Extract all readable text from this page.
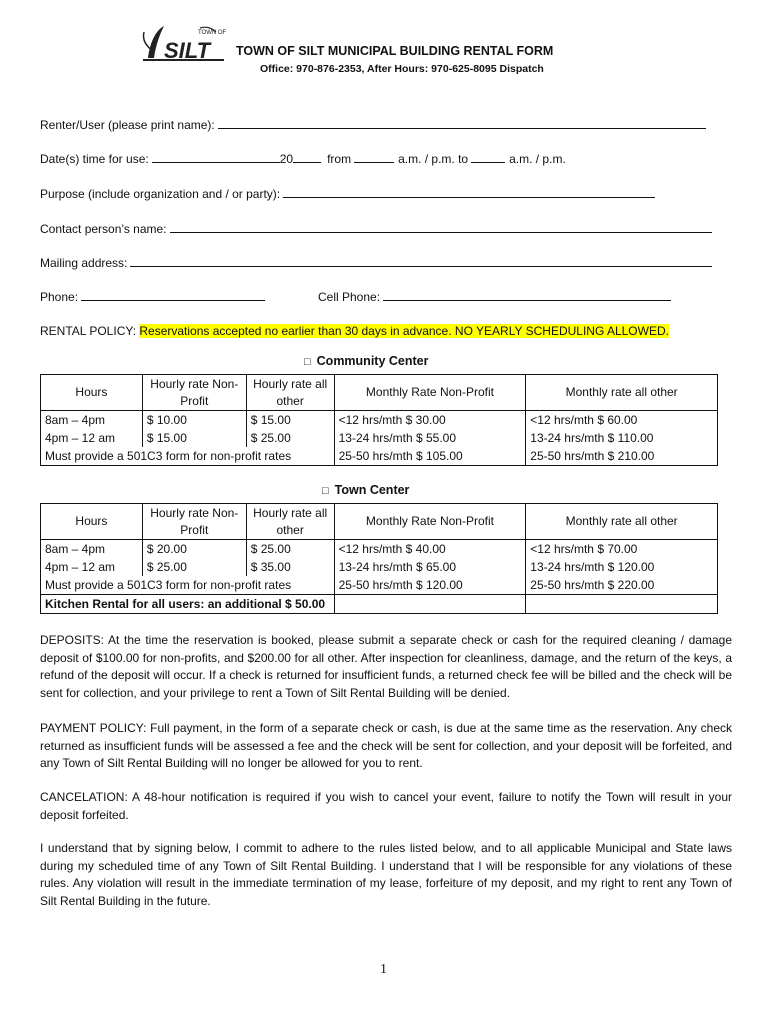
TOWN OF
SILT TOWN OF SILT MUNICIPAL BUILDING RENTAL FORM
Office: 970-876-2353, After Hours: 970-625-8095 Dispatch
Renter/User (please print name):
Date(s) time for use:	20	from	a.m. / p.m. to	a.m. / p.m.
Purpose (include organization and / or party):
Contact person’s name:
Mailing address:
Phone:	Cell Phone:
RENTAL POLICY: Reservations accepted no earlier than 30 days in advance. NO YEARLY SCHEDULING ALLOWED.
□ Community Center
Hours	Hourly rate Non-Profit	Hourly rate all other	Monthly Rate Non-Profit	Monthly rate all other
8am – 4pm	$ 10.00	$ 15.00	<12 hrs/mth $ 30.00	<12 hrs/mth $ 60.00
4pm – 12 am	$ 15.00	$ 25.00	13-24 hrs/mth $ 55.00	13-24 hrs/mth $ 110.00
Must provide a 501C3 form for non-profit rates			25-50 hrs/mth $ 105.00	25-50 hrs/mth $ 210.00
□ Town Center
Hours	Hourly rate Non-Profit	Hourly rate all other	Monthly Rate Non-Profit	Monthly rate all other
8am – 4pm	$ 20.00	$ 25.00	<12 hrs/mth $ 40.00	<12 hrs/mth $ 70.00
4pm – 12 am	$ 25.00	$ 35.00	13-24 hrs/mth $ 65.00	13-24 hrs/mth $ 120.00
Must provide a 501C3 form for non-profit rates			25-50 hrs/mth $ 120.00	25-50 hrs/mth $ 220.00
Kitchen Rental for all users: an additional $ 50.00				

DEPOSITS: At the time the reservation is booked, please submit a separate check or cash for the required cleaning / damage deposit of $100.00 for non-profits, and $200.00 for all other. After inspection for cleanliness, damage, and the return of the keys, a refund of the deposit will occur. If a check is returned for insufficient funds, a returned check fee will be billed and the check will be sent for collection, and your privilege to rent a Town of Silt Rental Building will be denied.

PAYMENT POLICY: Full payment, in the form of a separate check or cash, is due at the same time as the reservation. Any check returned as insufficient funds will be assessed a fee and the check will be sent for collection, and your deposit will be forfeited, and any Town of Silt Rental Building will no longer be allowed for you to rent.

CANCELATION: A 48-hour notification is required if you wish to cancel your event, failure to notify the Town will result in your deposit forfeited.

I understand that by signing below, I commit to adhere to the rules listed below, and to all applicable Municipal and State laws during my scheduled time of any Town of Silt Rental Building. I understand that I will be responsible for any violations of these rules. Any violation will result in the immediate termination of my lease, forfeiture of my deposit, and my right to rent any Town of Silt Rental Building in the future.

1
